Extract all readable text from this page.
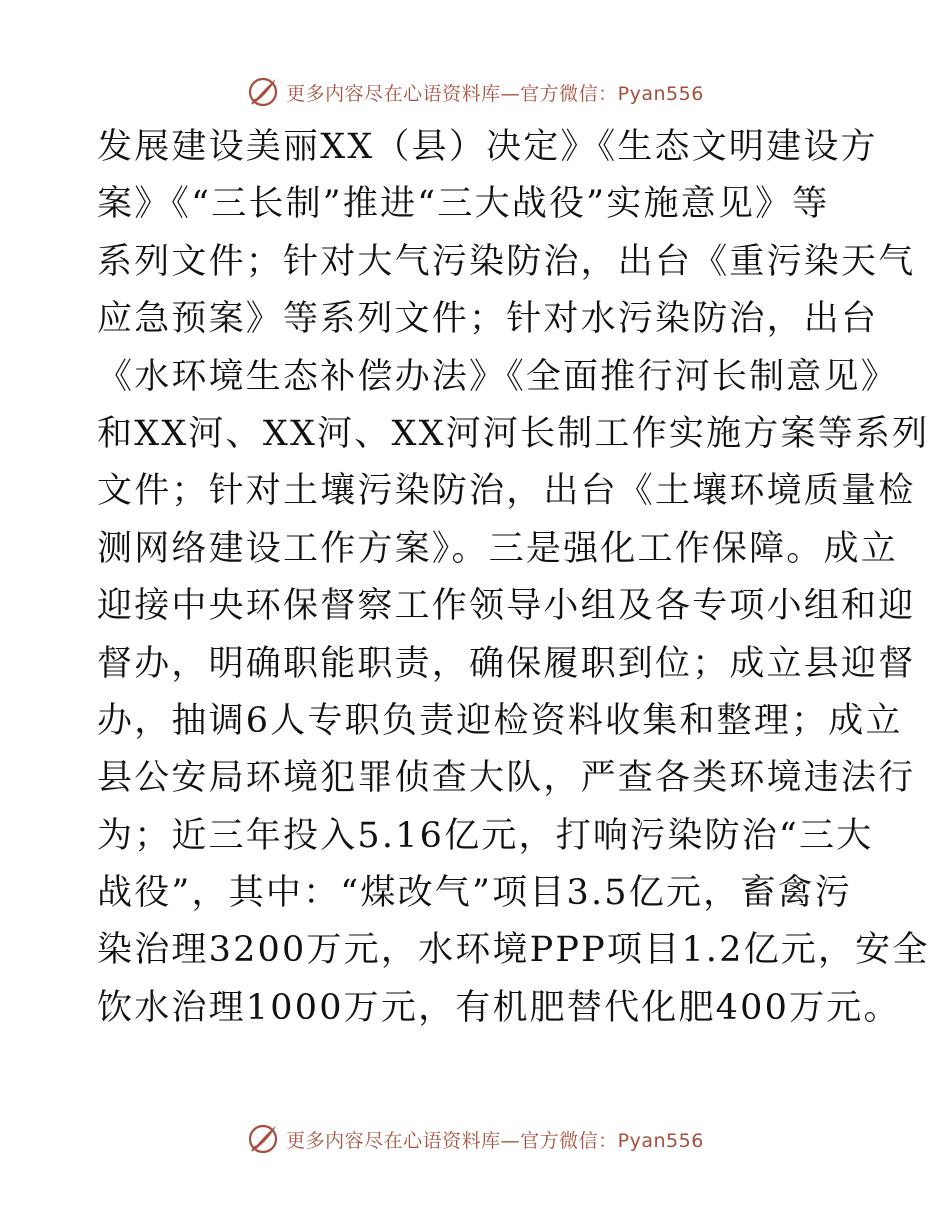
更多内容尽在心语资料库—官方微信：Pyan556

发展建设美丽XX（县）决定》《生态文明建设方

案》《“三长制”推进“三大战役”实施意见》等

系列文件；针对大气污染防治，出台《重污染天气

应急预案》等系列文件；针对水污染防治，出台

《水环境生态补偿办法》《全面推行河长制意见》

和XX河、XX河、XX河河长制工作实施方案等系列

文件；针对土壤污染防治，出台《土壤环境质量检

测网络建设工作方案》。三是强化工作保障。成立

迎接中央环保督察工作领导小组及各专项小组和迎

督办，明确职能职责，确保履职到位；成立县迎督

办，抽调6人专职负责迎检资料收集和整理；成立

县公安局环境犯罪侦查大队，严查各类环境违法行

为；近三年投入5.16亿元，打响污染防治“三大

战役”，其中：“煤改气”项目3.5亿元，畜禽污

染治理3200万元，水环境PPP项目1.2亿元，安全

饮水治理1000万元，有机肥替代化肥400万元。

更多内容尽在心语资料库—官方微信：Pyan556
